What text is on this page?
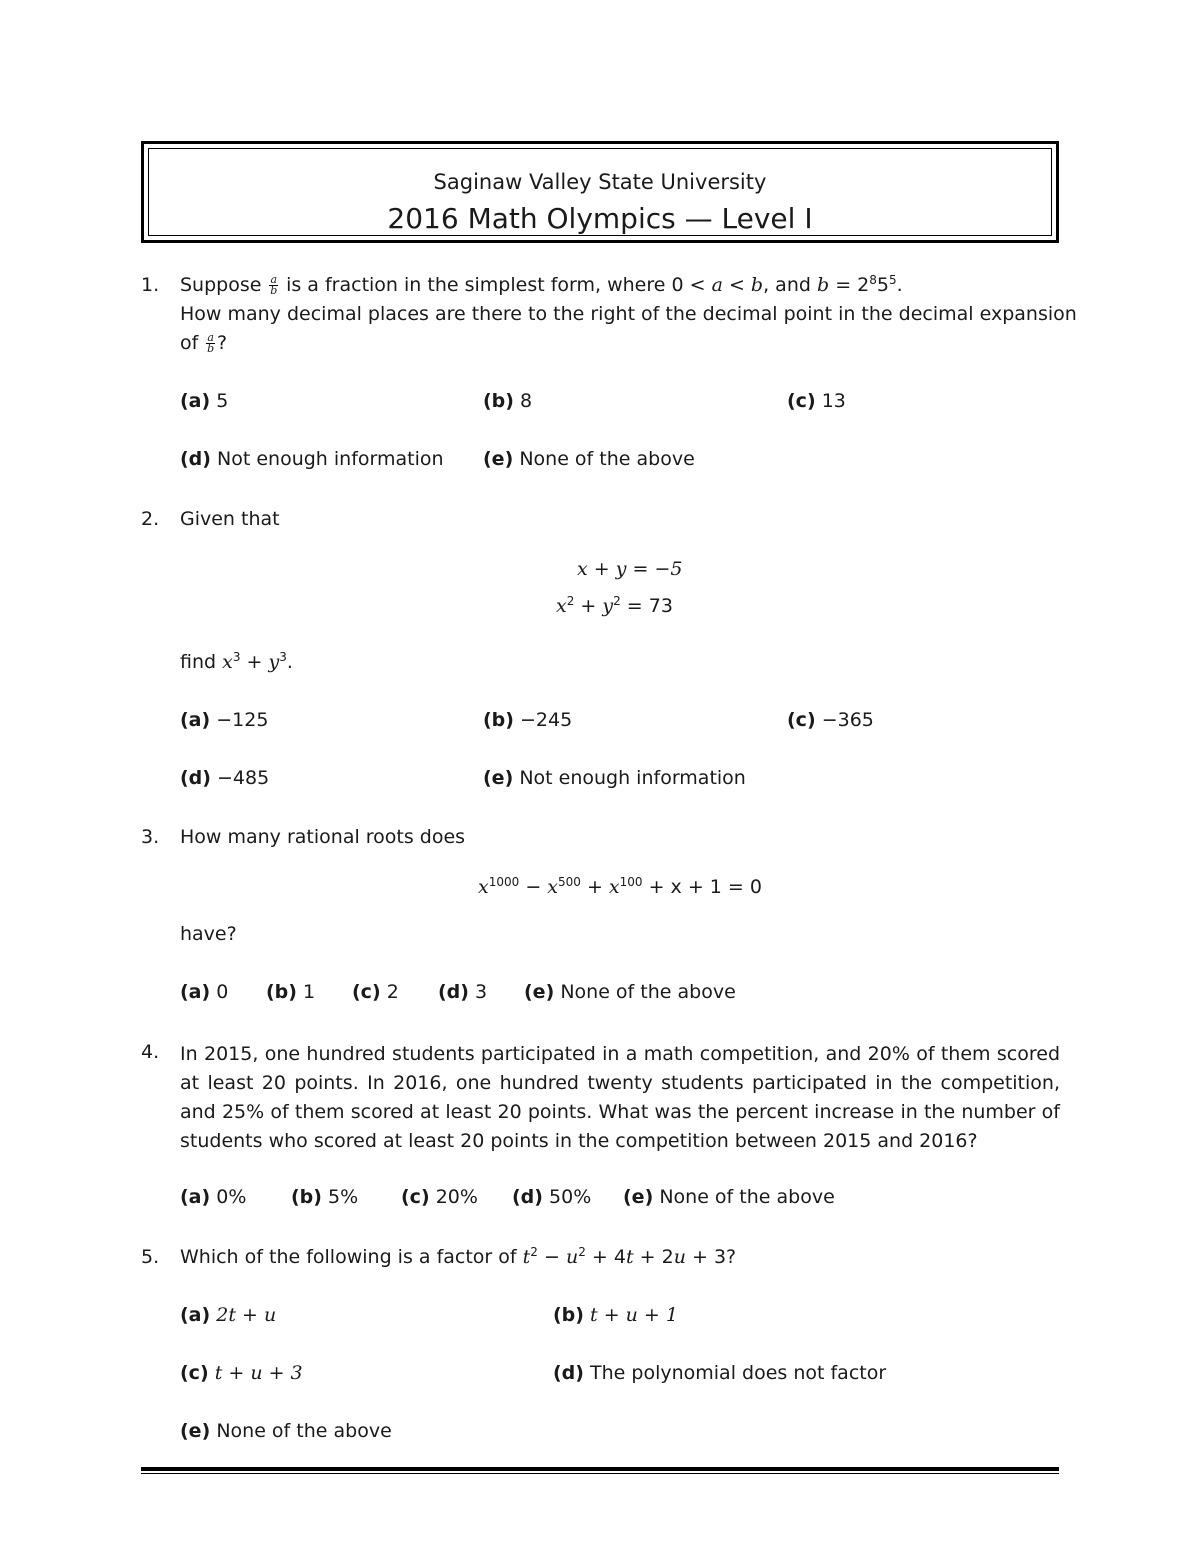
Saginaw Valley State University
2016 Math Olympics — Level I
1. Suppose $\frac{a}{b}$ is a fraction in the simplest form, where 0 < a < b, and $b = 2^85^5$.
How many decimal places are there to the right of the decimal point in the decimal expansion
of $\frac{a}{b}$ ?
(a) 5	(b) 8	(c) 13
(d) Not enough information (e) None of the above
2. Given that
x + y = −5
$x^2 + y^2 = 73$
find $x^3 + y^3$.
(a) −125	(b) −245	(c) −365
(d) −485	(e) Not enough information
3. How many rational roots does
$x^{1000} - x^{500} + x^{100} + x + 1 = 0$
have?
(a) 0 (b) 1 (c) 2 (d) 3 (e) None of the above
4. In 2015, one hundred students participated in a math competition, and 20% of them scored at least 20 points. In 2016, one hundred twenty students participated in the competition, and 25% of them scored at least 20 points. What was the percent increase in the number of students who scored at least 20 points in the competition between 2015 and 2016?
(a) 0% (b) 5% (c) 20% (d) 50% (e) None of the above
5. Which of the following is a factor of $t^2 - u^2 + 4t + 2u + 3$?
(a) 2t + u	(b) t + u + 1
(c) t + u + 3	(d) The polynomial does not factor
(e) None of the above
